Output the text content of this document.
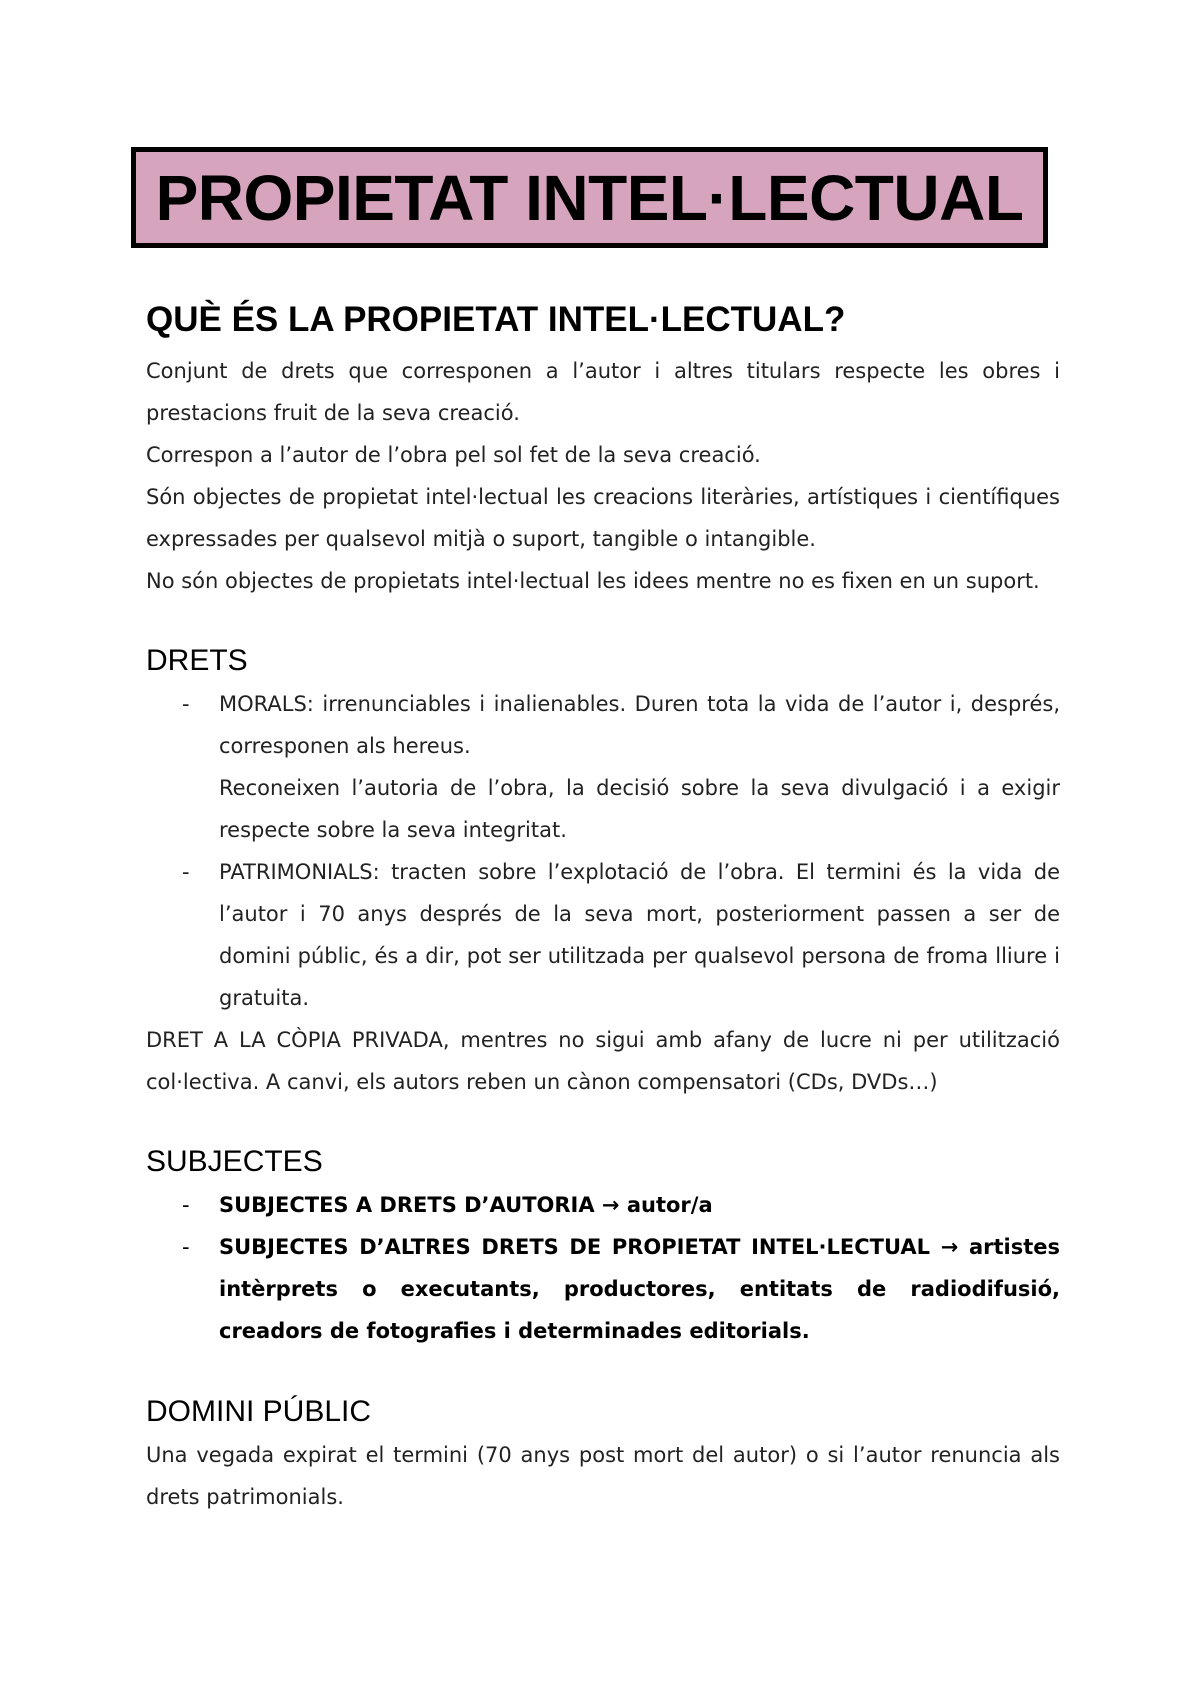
PROPIETAT INTEL·LECTUAL
QUÈ ÉS LA PROPIETAT INTEL·LECTUAL?

Conjunt de drets que corresponen a l’autor i altres titulars respecte les obres i prestacions fruit de la seva creació.

Correspon a l’autor de l’obra pel sol fet de la seva creació.

Són objectes de propietat intel·lectual les creacions literàries, artístiques i científiques expressades per qualsevol mitjà o suport, tangible o intangible.

No són objectes de propietats intel·lectual les idees mentre no es fixen en un suport.

DRETS
- MORALS: irrenunciables i inalienables. Duren tota la vida de l’autor i, després, corresponen als hereus.
Reconeixen l’autoria de l’obra, la decisió sobre la seva divulgació i a exigir respecte sobre la seva integritat.
- PATRIMONIALS: tracten sobre l’explotació de l’obra. El termini és la vida de l’autor i 70 anys després de la seva mort, posteriorment passen a ser de domini públic, és a dir, pot ser utilitzada per qualsevol persona de froma lliure i gratuita.

DRET A LA CÒPIA PRIVADA, mentres no sigui amb afany de lucre ni per utilització col·lectiva. A canvi, els autors reben un cànon compensatori (CDs, DVDs…)

SUBJECTES
- SUBJECTES A DRETS D’AUTORIA → autor/a
- SUBJECTES D’ALTRES DRETS DE PROPIETAT INTEL·LECTUAL → artistes intèrprets o executants, productores, entitats de radiodifusió, creadors de fotografies i determinades editorials.
DOMINI PÚBLIC

Una vegada expirat el termini (70 anys post mort del autor) o si l’autor renuncia als drets patrimonials.
